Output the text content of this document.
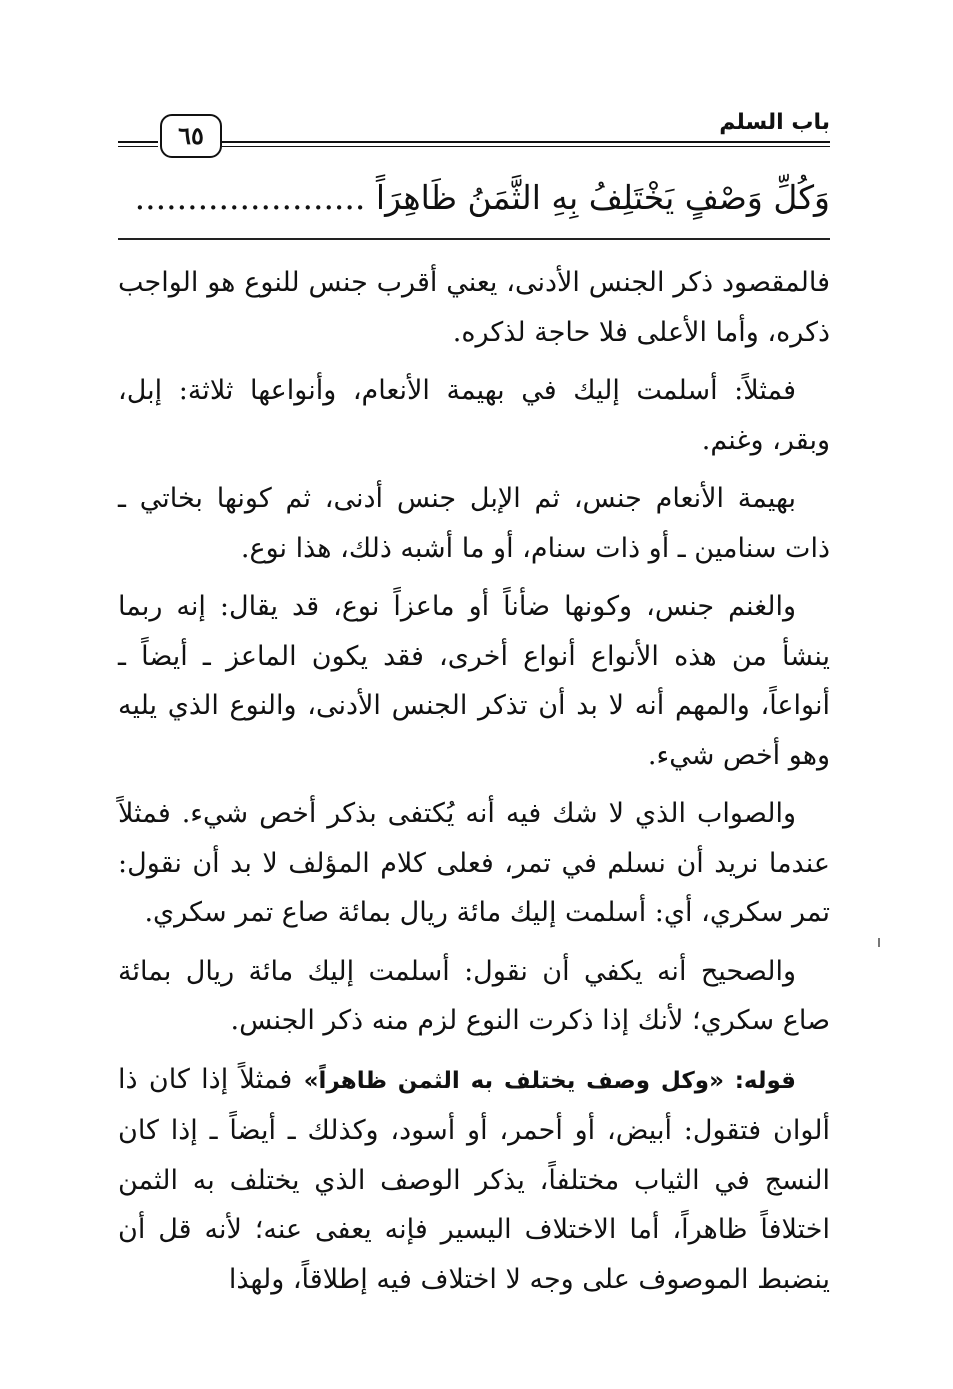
٦٥	باب السلم
وَكُلِّ وَصْفٍ يَخْتَلِفُ بِهِ الثَّمَنُ ظَاهِرَاً ......................

فالمقصود ذكر الجنس الأدنى، يعني أقرب جنس للنوع هو الواجب ذكره، وأما الأعلى فلا حاجة لذكره.

فمثلاً: أسلمت إليك في بهيمة الأنعام، وأنواعها ثلاثة: إبل، وبقر، وغنم.

بهيمة الأنعام جنس، ثم الإبل جنس أدنى، ثم كونها بخاتي ـ ذات سنامين ـ أو ذات سنام، أو ما أشبه ذلك، هذا نوع.

والغنم جنس، وكونها ضأناً أو ماعزاً نوع، قد يقال: إنه ربما ينشأ من هذه الأنواع أنواع أخرى، فقد يكون الماعز ـ أيضاً ـ أنواعاً، والمهم أنه لا بد أن تذكر الجنس الأدنى، والنوع الذي يليه وهو أخص شيء.

والصواب الذي لا شك فيه أنه يُكتفى بذكر أخص شيء. فمثلاً عندما نريد أن نسلم في تمر، فعلى كلام المؤلف لا بد أن نقول: تمر سكري، أي: أسلمت إليك مائة ريال بمائة صاع تمر سكري.

والصحيح أنه يكفي أن نقول: أسلمت إليك مائة ريال بمائة صاع سكري؛ لأنك إذا ذكرت النوع لزم منه ذكر الجنس.

قوله: «وكل وصف يختلف به الثمن ظاهراً» فمثلاً إذا كان ذا ألوان فتقول: أبيض، أو أحمر، أو أسود، وكذلك ـ أيضاً ـ إذا كان النسج في الثياب مختلفاً، يذكر الوصف الذي يختلف به الثمن اختلافاً ظاهراً، أما الاختلاف اليسير فإنه يعفى عنه؛ لأنه قل أن ينضبط الموصوف على وجه لا اختلاف فيه إطلاقاً، ولهذا
